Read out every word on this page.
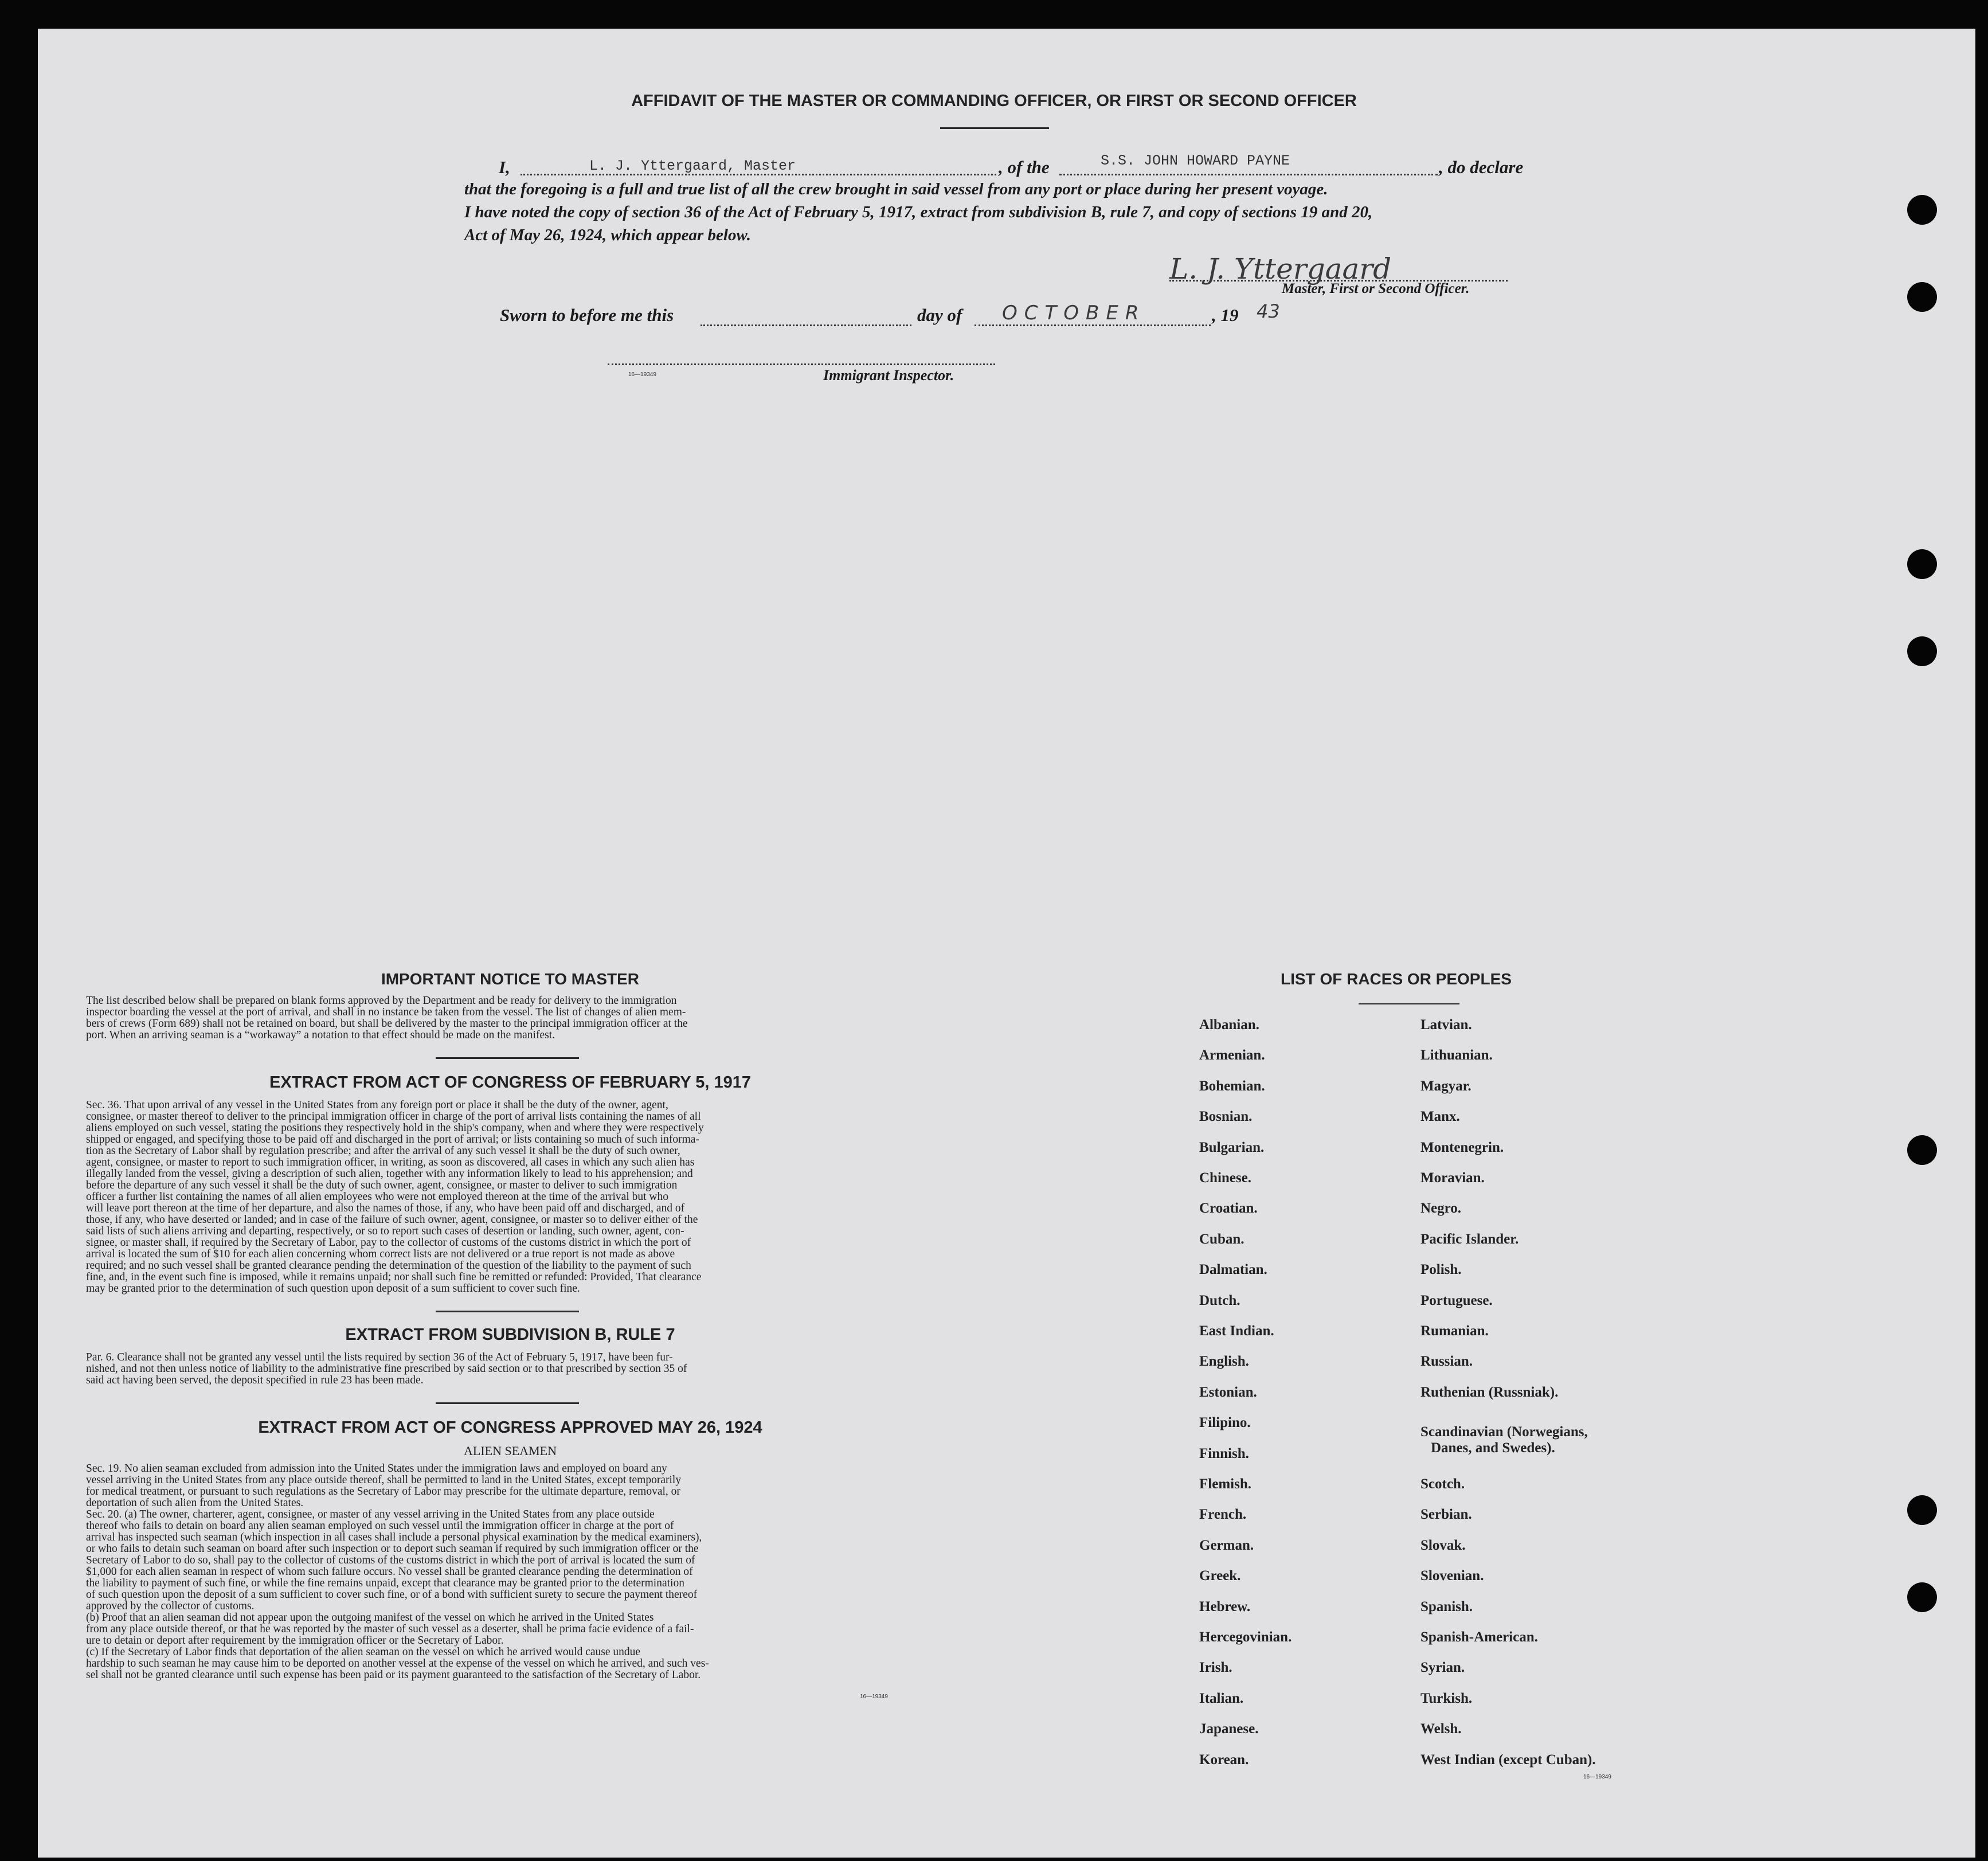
AFFIDAVIT OF THE MASTER OR COMMANDING OFFICER, OR FIRST OR SECOND OFFICER
I,	L. J. Yttergaard, Master	, of the	S.S. JOHN HOWARD PAYNE	, do declare
that the foregoing is a full and true list of all the crew brought in said vessel from any port or place during her present voyage.
I have noted the copy of section 36 of the Act of February 5, 1917, extract from subdivision B, rule 7, and copy of sections 19 and 20,
Act of May 26, 1924, which appear below.
L. J. Yttergaard
Master, First or Second Officer.
Sworn to before me this	day of OCTOBER	, 19 43
16—19349	Immigrant Inspector.
IMPORTANT NOTICE TO MASTER
The list described below shall be prepared on blank forms approved by the Department and be ready for delivery to the immigration
inspector boarding the vessel at the port of arrival, and shall in no instance be taken from the vessel. The list of changes of alien mem-
bers of crews (Form 689) shall not be retained on board, but shall be delivered by the master to the principal immigration officer at the
port. When an arriving seaman is a “workaway” a notation to that effect should be made on the manifest.
EXTRACT FROM ACT OF CONGRESS OF FEBRUARY 5, 1917
Sec. 36. That upon arrival of any vessel in the United States from any foreign port or place it shall be the duty of the owner, agent,
consignee, or master thereof to deliver to the principal immigration officer in charge of the port of arrival lists containing the names of all
aliens employed on such vessel, stating the positions they respectively hold in the ship's company, when and where they were respectively
shipped or engaged, and specifying those to be paid off and discharged in the port of arrival; or lists containing so much of such informa-
tion as the Secretary of Labor shall by regulation prescribe; and after the arrival of any such vessel it shall be the duty of such owner,
agent, consignee, or master to report to such immigration officer, in writing, as soon as discovered, all cases in which any such alien has
illegally landed from the vessel, giving a description of such alien, together with any information likely to lead to his apprehension; and
before the departure of any such vessel it shall be the duty of such owner, agent, consignee, or master to deliver to such immigration
officer a further list containing the names of all alien employees who were not employed thereon at the time of the arrival but who
will leave port thereon at the time of her departure, and also the names of those, if any, who have been paid off and discharged, and of
those, if any, who have deserted or landed; and in case of the failure of such owner, agent, consignee, or master so to deliver either of the
said lists of such aliens arriving and departing, respectively, or so to report such cases of desertion or landing, such owner, agent, con-
signee, or master shall, if required by the Secretary of Labor, pay to the collector of customs of the customs district in which the port of
arrival is located the sum of $10 for each alien concerning whom correct lists are not delivered or a true report is not made as above
required; and no such vessel shall be granted clearance pending the determination of the question of the liability to the payment of such
fine, and, in the event such fine is imposed, while it remains unpaid; nor shall such fine be remitted or refunded: Provided, That clearance
may be granted prior to the determination of such question upon deposit of a sum sufficient to cover such fine.
EXTRACT FROM SUBDIVISION B, RULE 7
Par. 6. Clearance shall not be granted any vessel until the lists required by section 36 of the Act of February 5, 1917, have been fur-
nished, and not then unless notice of liability to the administrative fine prescribed by said section or to that prescribed by section 35 of
said act having been served, the deposit specified in rule 23 has been made.
EXTRACT FROM ACT OF CONGRESS APPROVED MAY 26, 1924
ALIEN SEAMEN
Sec. 19. No alien seaman excluded from admission into the United States under the immigration laws and employed on board any
vessel arriving in the United States from any place outside thereof, shall be permitted to land in the United States, except temporarily
for medical treatment, or pursuant to such regulations as the Secretary of Labor may prescribe for the ultimate departure, removal, or
deportation of such alien from the United States.
Sec. 20. (a) The owner, charterer, agent, consignee, or master of any vessel arriving in the United States from any place outside
thereof who fails to detain on board any alien seaman employed on such vessel until the immigration officer in charge at the port of
arrival has inspected such seaman (which inspection in all cases shall include a personal physical examination by the medical examiners),
or who fails to detain such seaman on board after such inspection or to deport such seaman if required by such immigration officer or the
Secretary of Labor to do so, shall pay to the collector of customs of the customs district in which the port of arrival is located the sum of
$1,000 for each alien seaman in respect of whom such failure occurs. No vessel shall be granted clearance pending the determination of
the liability to payment of such fine, or while the fine remains unpaid, except that clearance may be granted prior to the determination
of such question upon the deposit of a sum sufficient to cover such fine, or of a bond with sufficient surety to secure the payment thereof
approved by the collector of customs.
(b) Proof that an alien seaman did not appear upon the outgoing manifest of the vessel on which he arrived in the United States
from any place outside thereof, or that he was reported by the master of such vessel as a deserter, shall be prima facie evidence of a fail-
ure to detain or deport after requirement by the immigration officer or the Secretary of Labor.
(c) If the Secretary of Labor finds that deportation of the alien seaman on the vessel on which he arrived would cause undue
hardship to such seaman he may cause him to be deported on another vessel at the expense of the vessel on which he arrived, and such ves-
sel shall not be granted clearance until such expense has been paid or its payment guaranteed to the satisfaction of the Secretary of Labor.
16—19349
LIST OF RACES OR PEOPLES
Albanian.
Armenian.
Bohemian.
Bosnian.
Bulgarian.
Chinese.
Croatian.
Cuban.
Dalmatian.
Dutch.
East Indian.
English.
Estonian.
Filipino.
Finnish.
Flemish.
French.
German.
Greek.
Hebrew.
Hercegovinian.
Irish.
Italian.
Japanese.
Korean.
Latvian.
Lithuanian.
Magyar.
Manx.
Montenegrin.
Moravian.
Negro.
Pacific Islander.
Polish.
Portuguese.
Rumanian.
Russian.
Ruthenian (Russniak).
Scandinavian (Norwegians,
Scotch.
Serbian.
Slovak.
Slovenian.
Spanish.
Spanish-American.
Syrian.
Turkish.
Welsh.
West Indian (except Cuban).
Danes, and Swedes).
16—19349
